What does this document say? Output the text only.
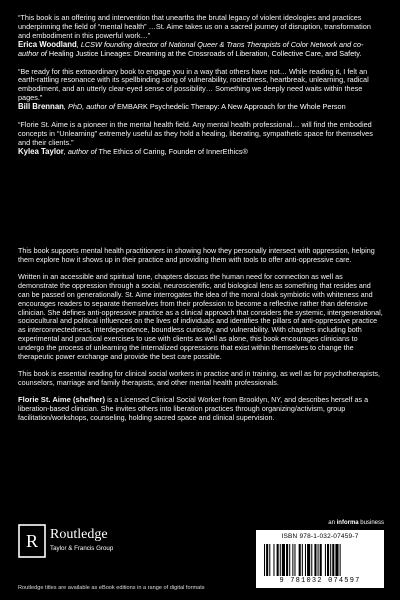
“This book is an offering and intervention that unearths the brutal legacy of violent ideologies and practices underpinning the field of “mental health” …St. Aime takes us on a sacred journey of disruption, transformation and embodiment in this powerful work…”

Erica Woodland, LCSW founding director of National Queer & Trans Therapists of Color Network and co-author of Healing Justice Lineages: Dreaming at the Crossroads of Liberation, Collective Care, and Safety.

“Be ready for this extraordinary book to engage you in a way that others have not… While reading it, I felt an earth-rattling resonance with its spellbinding song of vulnerability, rootedness, heartbreak, unlearning, radical embodiment, and an utterly clear-eyed sense of possibility… Something we deeply need waits within these pages.”

Bill Brennan, PhD, author of EMBARK Psychedelic Therapy: A New Approach for the Whole Person

“Florie St. Aime is a pioneer in the mental health field. Any mental health professional… will find the embodied concepts in “Unlearning” extremely useful as they hold a healing, liberating, sympathetic space for themselves and their clients.”

Kylea Taylor, author of The Ethics of Caring, Founder of InnerEthics®

This book supports mental health practitioners in showing how they personally intersect with oppression, helping them explore how it shows up in their practice and providing them with tools to offer anti-oppressive care.

Written in an accessible and spiritual tone, chapters discuss the human need for connection as well as demonstrate the oppression through a social, neuroscientific, and biological lens as something that resides and can be passed on generationally. St. Aime interrogates the idea of the moral cloak symbiotic with whiteness and encourages readers to separate themselves from their profession to become a reflective rather than defensive clinician. She defines anti-oppressive practice as a clinical approach that considers the systemic, intergenerational, sociocultural and political influences on the lives of individuals and identifies the pillars of anti-oppressive practice as interconnectedness, interdependence, boundless curiosity, and vulnerability. With chapters including both experimental and practical exercises to use with clients as well as alone, this book encourages clinicians to undergo the process of unlearning the internalized oppressions that exist within themselves to change the therapeutic power exchange and provide the best care possible.

This book is essential reading for clinical social workers in practice and in training, as well as for psychotherapists, counselors, marriage and family therapists, and other mental health professionals.

Florie St. Aime (she/her) is a Licensed Clinical Social Worker from Brooklyn, NY, and describes herself as a liberation-based clinician. She invites others into liberation practices through organizing/activism, group facilitation/workshops, counseling, holding sacred space and clinical supervision.

R Routledge
Taylor & Francis Group
an informa business
ISBN 978-1-032-07459-7
9 781032 074597
Routledge titles are available as eBook editions in a range of digital formats
